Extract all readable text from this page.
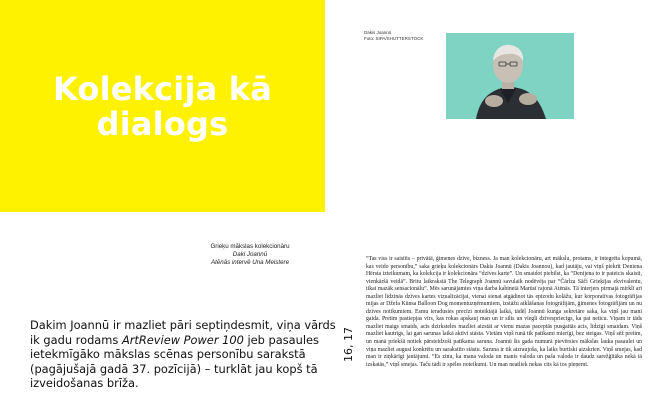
Kolekcija kā
dialogs
Grieķu mākslas kolekcionāru
Daki Joannū
Atēnās intervē Una Meistere

Dakim Joannū ir mazliet pāri septiņdesmit, viņa vārds ik gadu rodams ArtReview Power 100 jeb pasaules ietekmīgāko mākslas scēnas personību sarakstā (pagājušajā gadā 37. pozīcijā) – turklāt jau kopš tā izveidošanas brīža.

16, 17
Dakis Joannū
Foto: SIPA/SHUTTERSTOCK

“Tas viss ir saistīts – privātā, ģimenes dzīve, bizness. Ja man kolekcionāru, art mākslu, protams, ir integrēta kopumā, kas veido personību,” saka grieķu kolekcionārs Dakis Joannū (Dakis Joannou), kad jautāju, vai viņš piekrīt Deniena Hērsta izteikumam, ka kolekcija ir kolekcionāra “dzīves karte”. Un smaidot piebilst, ka “Denijena to ir pateicis skaisti, vienkāršā veidā”. Britu laikrakstā The Telegraph Joannū savulaik nodēvēja par “Čārlza Sāči Grieķijas ekvivalentu, tikai mazāk sensacionālu”. Mēs sarunājamies viņa darba kabinetā Marūsī rajonā Atēnās. Tā interjers pirmajā mirklī arī mazliet līdzinās dzīves kartes vizualizācijai, vienai sienai atgādinot tās epizodu kolāžu, kur korporatīvas fotogrāfijas mijas ar Džefa Kūnsa Balloon Dog momentuzņēmumiem, izstāžu atklāšanas fotogrāfijām, ģimenes fotogrāfijām un nu dzīves notikumiem. Esmu ieradusies precīzi noteiktajā laikā, tādēļ Joannū kunga sekretāre saka, ka viņš jau mani gaida. Pretim pastiepjas vīrs, kas rokas apskauj man un ir silts un viegli dzīvespriecīgs, ka pat neticu. Viņam ir tāds mazliet maigs smaids, acīs dzirksteles mazliet aizstāt ar vienu mazas paceptās pusgaitās acis, līdzīgi smaidam. Viņš mazliet kautrīgs, lai gan sarunas laikā aktīvi stāsta. Vietām viņš runā tik patīkami mierīgi, bez steigas. Viņš sēž pretim, un manā priekšā notiek pārsteidzoši patīkama saruna. Joannū šis gada numurā pievērsies mākslas lauka pasaulei un viņa mazliet augusi konkrētu un sarakstīto stāstu. Saruna ir tik aizraujoša, ka laiks burtiski aizskrien. Viņš smejas, kad man ir ziņkārīgi jautājumi. “Es zinu, ka mana valoda un manis valoda un paša valoda ir daudz sarežģītāka nekā tā izskatās,” viņš smejas. Taču tādi ir spēles noteikumi. Un man neatliek nekas cits kā tos pieņemt.
